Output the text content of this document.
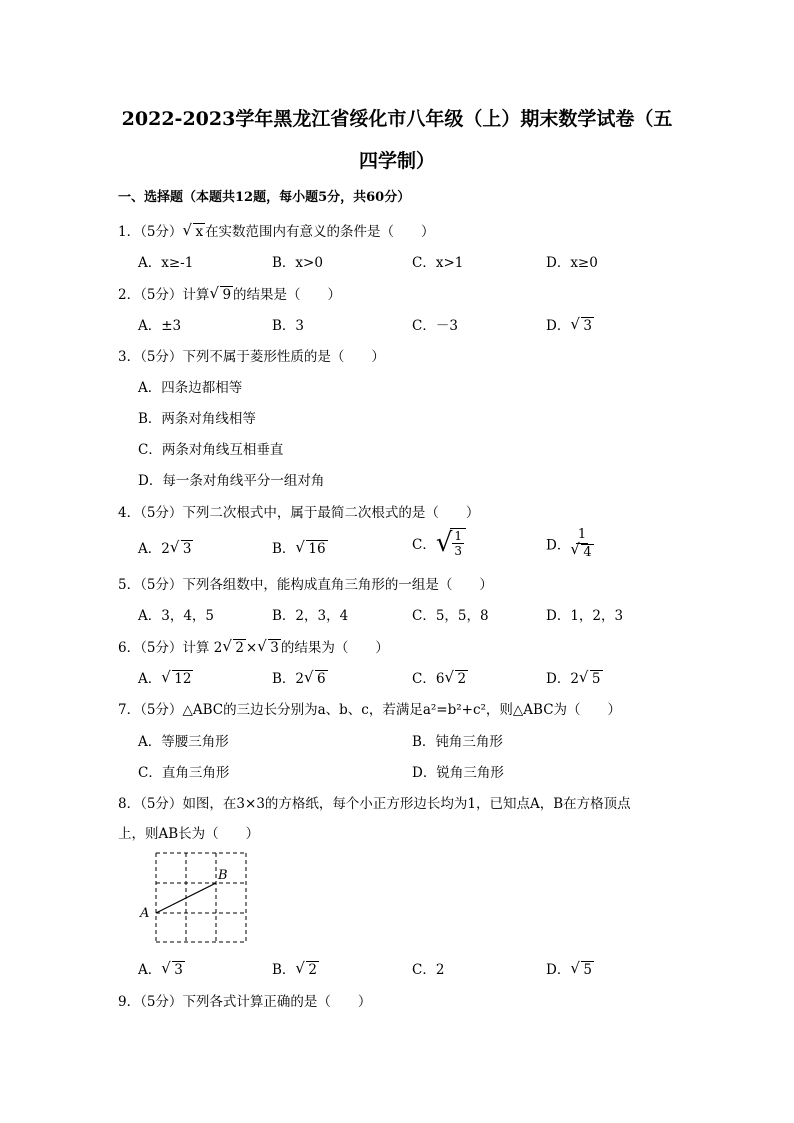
2022-2023学年黑龙江省绥化市八年级（上）期末数学试卷（五
四学制）
一、选择题（本题共12题，每小题5分，共60分）
1．（5分） √ x 在实数范围内有意义的条件是（　　）
A．x≥-1	B．x>0	C．x>1	D．x≥0
2．（5分）计算 √ 9 的结果是（　　）
A．±3	B．3	C．－3	D． √ 3
3．（5分）下列不属于菱形性质的是（　　）
A．四条边都相等
B．两条对角线相等
C．两条对角线互相垂直
D．每一条对角线平分一组对角
4．（5分）下列二次根式中，属于最简二次根式的是（　　）
A．2 √ 3	B． √ 16	C． √ $\frac{1}{3}$	D． 1
√ 4
5．（5分）下列各组数中，能构成直角三角形的一组是（　　）
A．3，4，5	B．2，3，4	C．5，5，8	D．1，2，3
6．（5分）计算 2 √ 2 × √ 3 的结果为（　　）
A． √ 12	B．2 √ 6	C．6 √ 2	D．2 √ 5
7．（5分）△ABC的三边长分别为a、b、c，若满足a²=b²+c²，则△ABC为（　　）
A．等腰三角形	B．钝角三角形
C．直角三角形	D．锐角三角形
8．（5分）如图，在3×3的方格纸，每个小正方形边长均为1，已知点A，B在方格顶点
上，则AB长为（　　）
A
B
A． √ 3	B． √ 2	C．2	D． √ 5
9．（5分）下列各式计算正确的是（　　）
